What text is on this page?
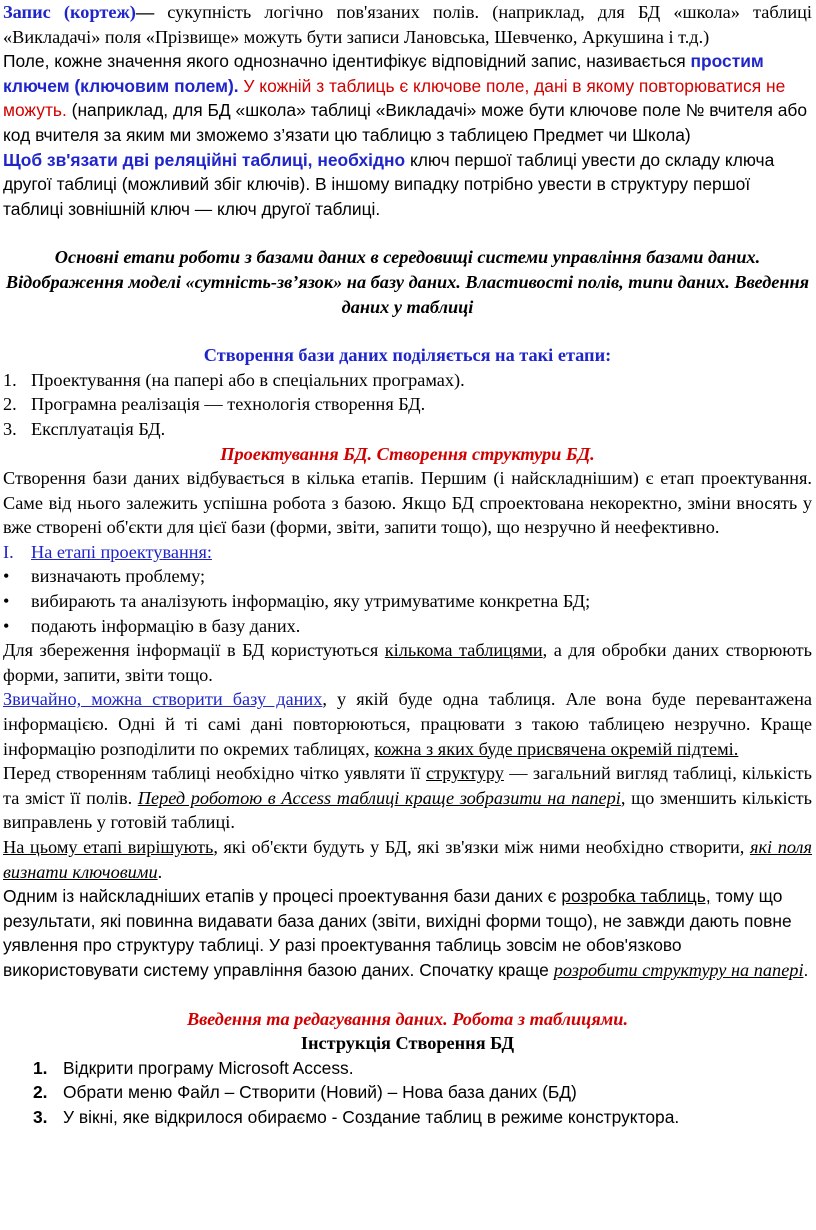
Запис (кортеж)— сукупність логічно пов'язаних полів. (наприклад, для БД «школа» таблиці «Викладачі» поля «Прізвище» можуть бути записи Лановська, Шевченко, Аркушина і т.д.)

Поле, кожне значення якого однозначно ідентифікує відповідний запис, називається простим ключем (ключовим полем). У кожній з таблиць є ключове поле, дані в якому повторюватися не можуть. (наприклад, для БД «школа» таблиці «Викладачі» може бути ключове поле № вчителя або код вчителя за яким ми зможемо з’язати цю таблицю з таблицею Предмет чи Школа)

Щоб зв'язати дві реляційні таблиці, необхідно ключ першої таблиці увести до складу ключа другої таблиці (можливий збіг ключів). В іншому випадку потрібно увести в структуру першої таблиці зовнішній ключ — ключ другої таблиці.

Основні етапи роботи з базами даних в середовищі системи управління базами даних. Відображення моделі «сутність-зв’язок» на базу даних. Властивості полів, типи даних. Введення даних у таблиці

Створення бази даних поділяється на такі етапи:

1. Проектування (на папері або в спеціальних програмах).
2. Програмна реалізація — технологія створення БД.
3. Експлуатація БД.

Проектування БД. Створення структури БД.

Створення бази даних відбувається в кілька етапів. Першим (і найскладнішим) є етап проектування. Саме від нього залежить успішна робота з базою. Якщо БД спроектована некоректно, зміни вносять у вже створені об'єкти для цієї бази (форми, звіти, запити тощо), що незручно й неефективно.

I. На етапі проектування:
•	визначають проблему;
•	вибирають та аналізують інформацію, яку утримуватиме конкретна БД;
•	подають інформацію в базу даних.

Для збереження інформації в БД користуються кількома таблицями, а для обробки даних створюють форми, запити, звіти тощо.

Звичайно, можна створити базу даних, у якій буде одна таблиця. Але вона буде перевантажена інформацією. Одні й ті самі дані повторюються, працювати з такою таблицею незручно. Краще інформацію розподілити по окремих таблицях, кожна з яких буде присвячена окремій підтемі.

Перед створенням таблиці необхідно чітко уявляти її структуру — загальний вигляд таблиці, кількість та зміст її полів. Перед роботою в Access таблиці краще зобразити на папері, що зменшить кількість виправлень у готовій таблиці.

На цьому етапі вирішують, які об'єкти будуть у БД, які зв'язки між ними необхідно створити, які поля визнати ключовими.

Одним із найскладніших етапів у процесі проектування бази даних є розробка таблиць, тому що результати, які повинна видавати база даних (звіти, вихідні форми тощо), не завжди дають повне уявлення про структуру таблиці. У разі проектування таблиць зовсім не обов'язково використовувати систему управління базою даних. Спочатку краще розробити структуру на папері.

Введення та редагування даних. Робота з таблицями.

Інструкція Створення БД

1. Відкрити програму Microsoft Access.
2. Обрати меню Файл – Створити (Новий) – Нова база даних (БД)
3. У вікні, яке відкрилося обираємо - Создание таблиц в режиме конструктора.
